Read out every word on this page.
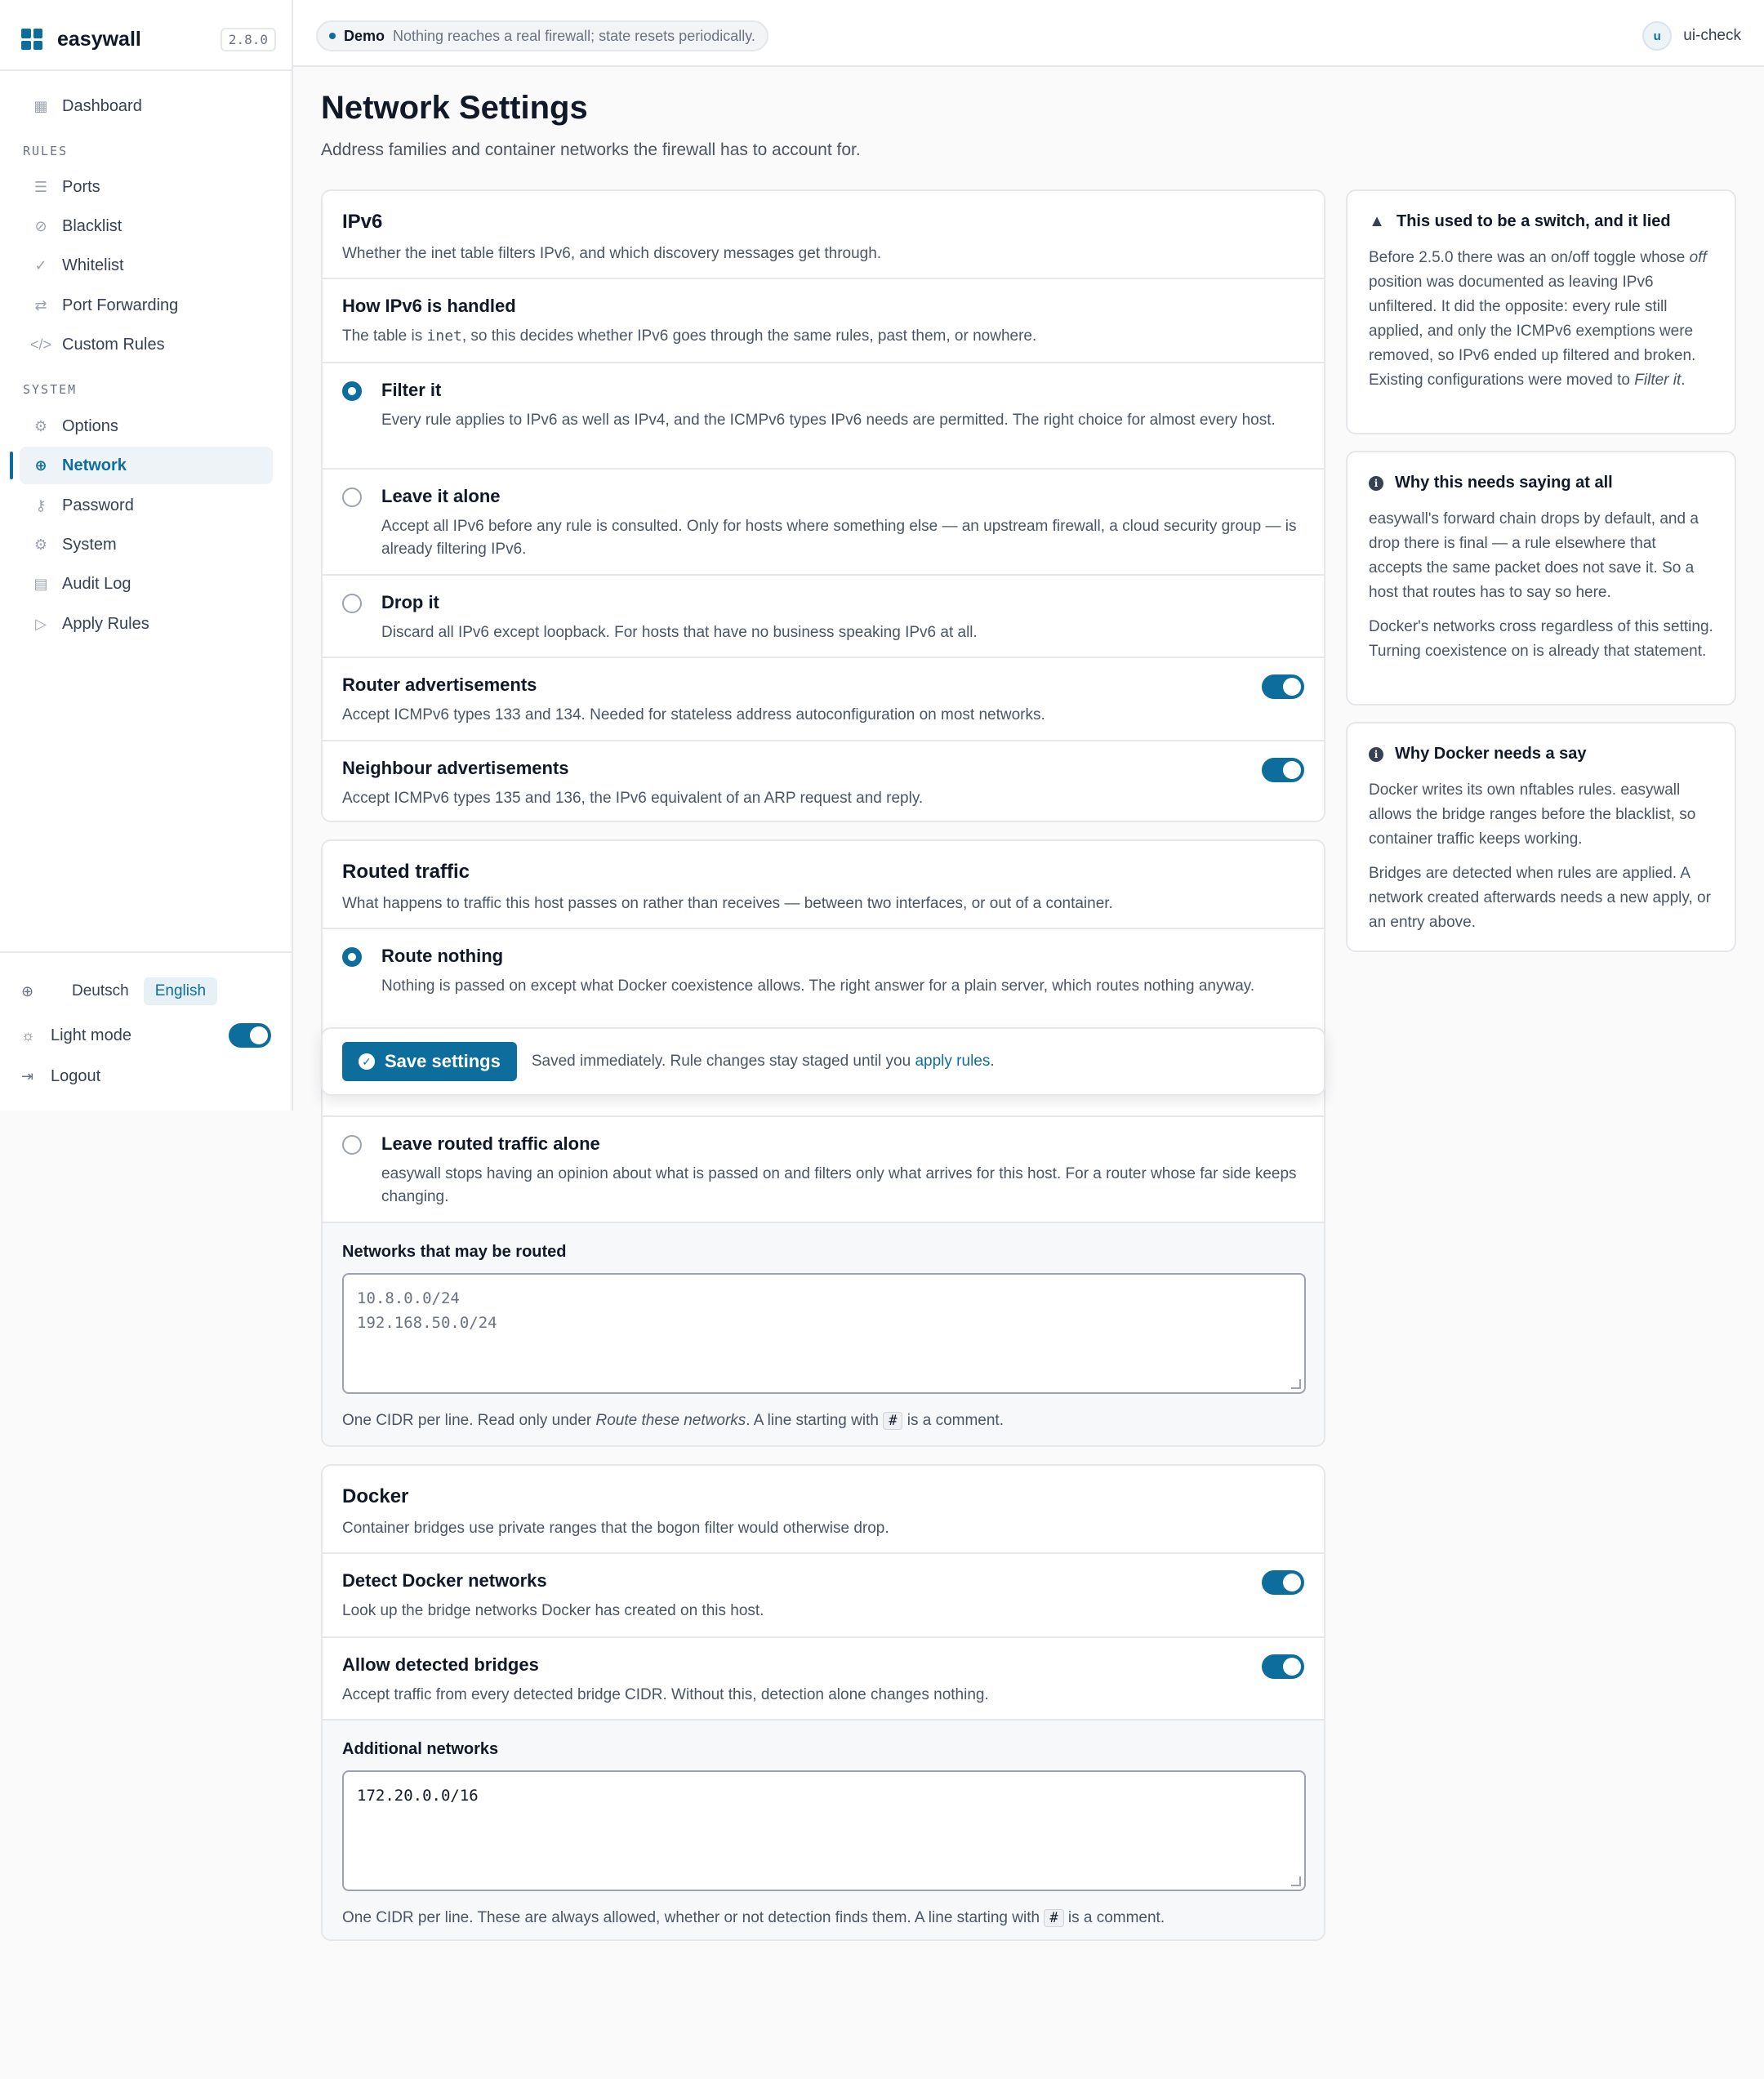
easywall	2.8.0
▦ Dashboard
RULES
☰ Ports
⊘ Blacklist
✓ Whitelist
⇄ Port Forwarding
</> Custom Rules
SYSTEM
⚙ Options
⊕ Network
⚷ Password
⚙ System
▤ Audit Log
▷ Apply Rules
⊕	Deutsch	English
☼ Light mode
⇥ Logout
Demo Nothing reaches a real firewall; state resets periodically.	u	ui-check
Network Settings

Address families and container networks the firewall has to account for.

IPv6
Whether the inet table filters IPv6, and which discovery messages get through.
How IPv6 is handled
The table is inet, so this decides whether IPv6 goes through the same rules, past them, or nowhere.
Filter it
Every rule applies to IPv6 as well as IPv4, and the ICMPv6 types IPv6 needs are permitted. The right choice for almost every host.
Leave it alone
Accept all IPv6 before any rule is consulted. Only for hosts where something else — an upstream firewall, a cloud security group — is already filtering IPv6.
Drop it
Discard all IPv6 except loopback. For hosts that have no business speaking IPv6 at all.
Router advertisements
Accept ICMPv6 types 133 and 134. Needed for stateless address autoconfiguration on most networks.
Neighbour advertisements
Accept ICMPv6 types 135 and 136, the IPv6 equivalent of an ARP request and reply.
Routed traffic
What happens to traffic this host passes on rather than receives — between two interfaces, or out of a container.
Route nothing
Nothing is passed on except what Docker coexistence allows. The right answer for a plain server, which routes nothing anyway.
Leave routed traffic alone
easywall stops having an opinion about what is passed on and filters only what arrives for this host. For a router whose far side keeps changing.
Networks that may be routed
10.8.0.0/24
192.168.50.0/24
One CIDR per line. Read only under Route these networks. A line starting with # is a comment.
✓ Save settings Saved immediately. Rule changes stay staged until you apply rules.
Docker
Container bridges use private ranges that the bogon filter would otherwise drop.
Detect Docker networks
Look up the bridge networks Docker has created on this host.
Allow detected bridges
Accept traffic from every detected bridge CIDR. Without this, detection alone changes nothing.
Additional networks
172.20.0.0/16
One CIDR per line. These are always allowed, whether or not detection finds them. A line starting with # is a comment.
▲ This used to be a switch, and it lied

Before 2.5.0 there was an on/off toggle whose off position was documented as leaving IPv6 unfiltered. It did the opposite: every rule still applied, and only the ICMPv6 exemptions were removed, so IPv6 ended up filtered and broken. Existing configurations were moved to Filter it.

i	Why this needs saying at all

easywall's forward chain drops by default, and a drop there is final — a rule elsewhere that accepts the same packet does not save it. So a host that routes has to say so here.

Docker's networks cross regardless of this setting. Turning coexistence on is already that statement.

i	Why Docker needs a say

Docker writes its own nftables rules. easywall allows the bridge ranges before the blacklist, so container traffic keeps working.

Bridges are detected when rules are applied. A network created afterwards needs a new apply, or an entry above.
